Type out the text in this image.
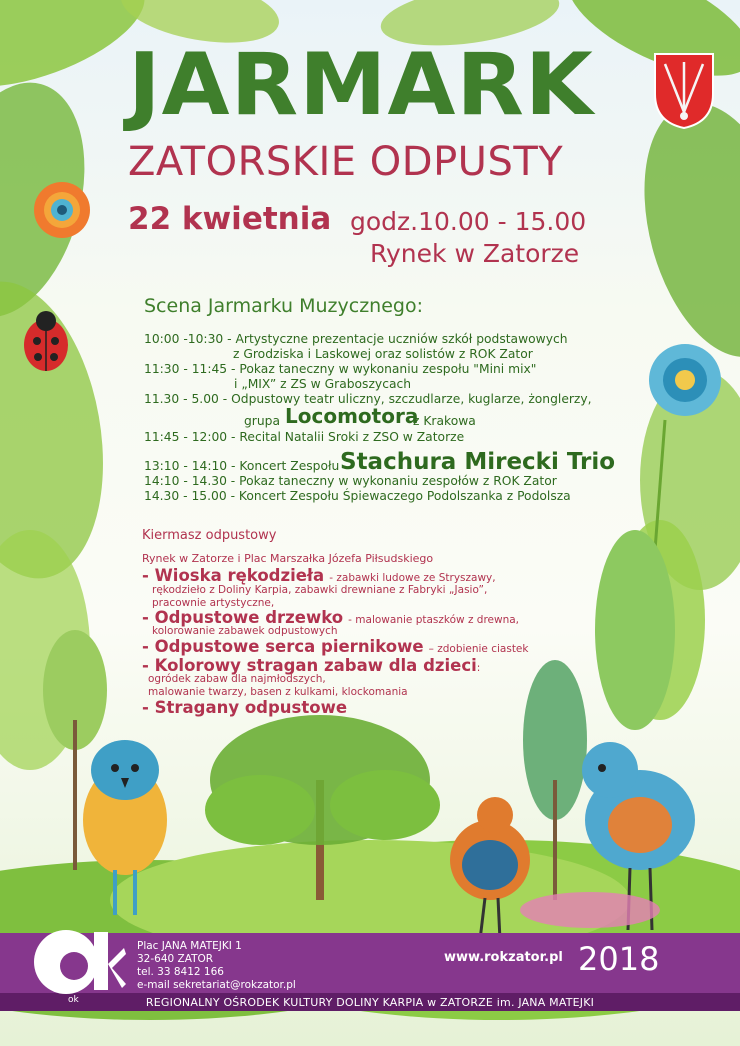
JARMARK
ZATORSKIE ODPUSTY
22 kwietnia godz.10.00 - 15.00
Rynek w Zatorze
Scena Jarmarku Muzycznego:
10:00 -10:30 - Artystyczne prezentacje uczniów szkół podstawowych
z Grodziska i Laskowej oraz solistów z ROK Zator
11:30 - 11:45 - Pokaz taneczny w wykonaniu zespołu "Mini mix"
i „MIX” z ZS w Graboszycach
11.30 - 5.00 - Odpustowy teatr uliczny, szczudlarze, kuglarze, żonglerzy,
grupa Locomotora
z Krakowa
11:45 - 12:00 - Recital Natalii Sroki z ZSO w Zatorze
13:10 - 14:10 - Koncert Zespołu Stachura Mirecki Trio
14:10 - 14.30 - Pokaz taneczny w wykonaniu zespołów z ROK Zator
14.30 - 15.00 - Koncert Zespołu Śpiewaczego Podolszanka z Podolsza
Kiermasz odpustowy
Rynek w Zatorze i Plac Marszałka Józefa Piłsudskiego
- Wioska rękodzieła - zabawki ludowe ze Stryszawy,
rękodzieło z Doliny Karpia, zabawki drewniane z Fabryki „Jasio”,
pracownie artystyczne,
- Odpustowe drzewko - malowanie ptaszków z drewna,
kolorowanie zabawek odpustowych
- Odpustowe serca piernikowe – zdobienie ciastek
- Kolorowy stragan zabaw dla dzieci:
ogródek zabaw dla najmłodszych,
malowanie twarzy, basen z kulkami, klockomania
- Stragany odpustowe
ok
Plac JANA MATEJKI 1
32-640 ZATOR
tel. 33 8412 166
e-mail sekretariat@rokzator.pl
www.rokzator.pl 2018
REGIONALNY OŚRODEK KULTURY DOLINY KARPIA w ZATORZE im. JANA MATEJKI
